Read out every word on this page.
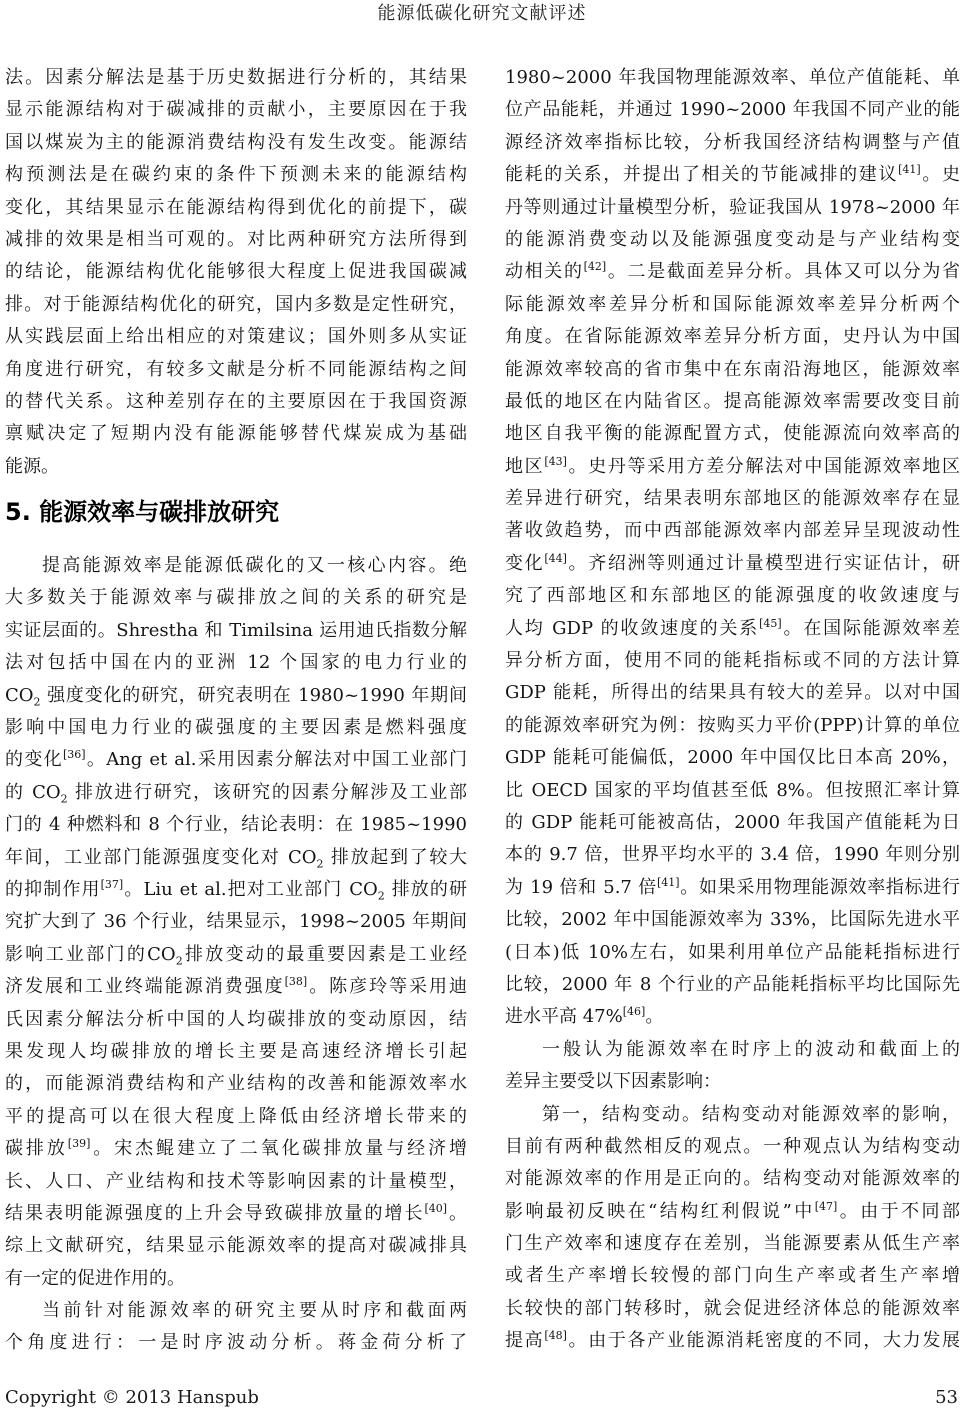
能源低碳化研究文献评述
法。因素分解法是基于历史数据进行分析的，其结果
显示能源结构对于碳减排的贡献小，主要原因在于我
国以煤炭为主的能源消费结构没有发生改变。能源结
构预测法是在碳约束的条件下预测未来的能源结构
变化，其结果显示在能源结构得到优化的前提下，碳
减排的效果是相当可观的。对比两种研究方法所得到
的结论，能源结构优化能够很大程度上促进我国碳减
排。对于能源结构优化的研究，国内多数是定性研究，
从实践层面上给出相应的对策建议；国外则多从实证
角度进行研究，有较多文献是分析不同能源结构之间
的替代关系。这种差别存在的主要原因在于我国资源
禀赋决定了短期内没有能源能够替代煤炭成为基础
能源。
5. 能源效率与碳排放研究
提高能源效率是能源低碳化的又一核心内容。绝
大多数关于能源效率与碳排放之间的关系的研究是
实证层面的。Shrestha 和 Timilsina 运用迪氏指数分解
法对包括中国在内的亚洲 12 个国家的电力行业的
$CO_2$ 强度变化的研究，研究表明在 1980~1990 年期间
影响中国电力行业的碳强度的主要因素是燃料强度
的变化[36]。Ang et al.采用因素分解法对中国工业部门
的 $CO_2$ 排放进行研究，该研究的因素分解涉及工业部
门的 4 种燃料和 8 个行业，结论表明：在 1985~1990
年间，工业部门能源强度变化对 $CO_2$ 排放起到了较大
的抑制作用[37]。Liu et al.把对工业部门 $CO_2$ 排放的研
究扩大到了 36 个行业，结果显示，1998~2005 年期间
影响工业部门的$CO_2$排放变动的最重要因素是工业经
济发展和工业终端能源消费强度[38]。陈彦玲等采用迪
氏因素分解法分析中国的人均碳排放的变动原因，结
果发现人均碳排放的增长主要是高速经济增长引起
的，而能源消费结构和产业结构的改善和能源效率水
平的提高可以在很大程度上降低由经济增长带来的
碳排放[39]。宋杰鲲建立了二氧化碳排放量与经济增
长、人口、产业结构和技术等影响因素的计量模型，
结果表明能源强度的上升会导致碳排放量的增长[40]。
综上文献研究，结果显示能源效率的提高对碳减排具
有一定的促进作用的。
当前针对能源效率的研究主要从时序和截面两
个角度进行：一是时序波动分析。蒋金荷分析了
1980~2000 年我国物理能源效率、单位产值能耗、单
位产品能耗，并通过 1990~2000 年我国不同产业的能
源经济效率指标比较，分析我国经济结构调整与产值
能耗的关系，并提出了相关的节能减排的建议[41]。史
丹等则通过计量模型分析，验证我国从 1978~2000 年
的能源消费变动以及能源强度变动是与产业结构变
动相关的[42]。二是截面差异分析。具体又可以分为省
际能源效率差异分析和国际能源效率差异分析两个
角度。在省际能源效率差异分析方面，史丹认为中国
能源效率较高的省市集中在东南沿海地区，能源效率
最低的地区在内陆省区。提高能源效率需要改变目前
地区自我平衡的能源配置方式，使能源流向效率高的
地区[43]。史丹等采用方差分解法对中国能源效率地区
差异进行研究，结果表明东部地区的能源效率存在显
著收敛趋势，而中西部能源效率内部差异呈现波动性
变化[44]。齐绍洲等则通过计量模型进行实证估计，研
究了西部地区和东部地区的能源强度的收敛速度与
人均 GDP 的收敛速度的关系[45]。在国际能源效率差
异分析方面，使用不同的能耗指标或不同的方法计算
GDP 能耗，所得出的结果具有较大的差异。以对中国
的能源效率研究为例：按购买力平价(PPP)计算的单位
GDP 能耗可能偏低，2000 年中国仅比日本高 20%，
比 OECD 国家的平均值甚至低 8%。但按照汇率计算
的 GDP 能耗可能被高估，2000 年我国产值能耗为日
本的 9.7 倍，世界平均水平的 3.4 倍，1990 年则分别
为 19 倍和 5.7 倍[41]。如果采用物理能源效率指标进行
比较，2002 年中国能源效率为 33%，比国际先进水平
(日本)低 10%左右，如果利用单位产品能耗指标进行
比较，2000 年 8 个行业的产品能耗指标平均比国际先
进水平高 47%[46]。
一般认为能源效率在时序上的波动和截面上的
差异主要受以下因素影响：
第一，结构变动。结构变动对能源效率的影响，
目前有两种截然相反的观点。一种观点认为结构变动
对能源效率的作用是正向的。结构变动对能源效率的
影响最初反映在“结构红利假说”中[47]。由于不同部
门生产效率和速度存在差别，当能源要素从低生产率
或者生产率增长较慢的部门向生产率或者生产率增
长较快的部门转移时，就会促进经济体总的能源效率
提高[48]。由于各产业能源消耗密度的不同，大力发展
Copyright © 2013 Hanspub	53
